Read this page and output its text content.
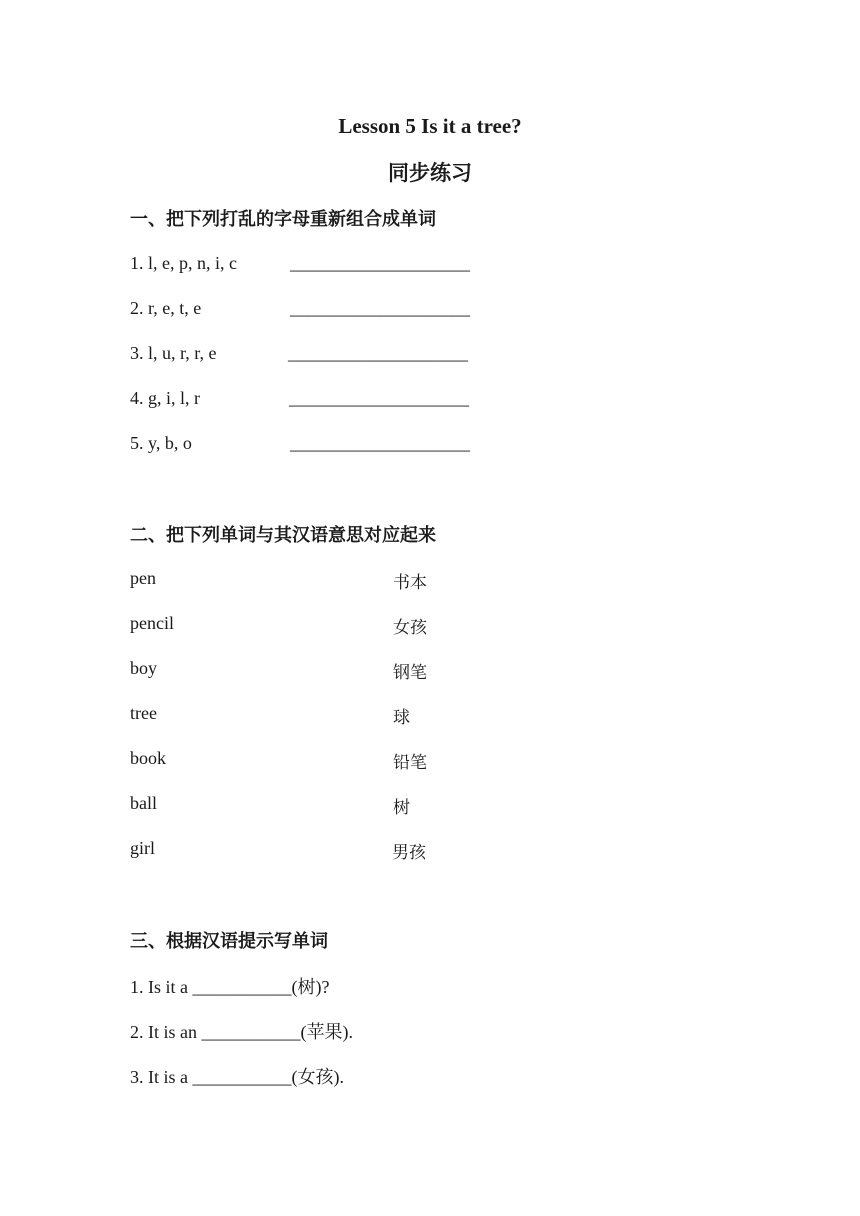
Lesson 5 Is it a tree?
同步练习
一、把下列打乱的字母重新组合成单词
1. l, e, p, n, i, c	____________________
2. r, e, t, e	____________________
3. l, u, r, r, e	____________________
4. g, i, l, r	____________________
5. y, b, o	____________________
二、把下列单词与其汉语意思对应起来
pen	书本
pencil	女孩
boy	钢笔
tree	球
book	铅笔
ball	树
girl	男孩
三、根据汉语提示写单词
1. Is it a ___________(树)?
2. It is an ___________(苹果).
3. It is a ___________(女孩).
